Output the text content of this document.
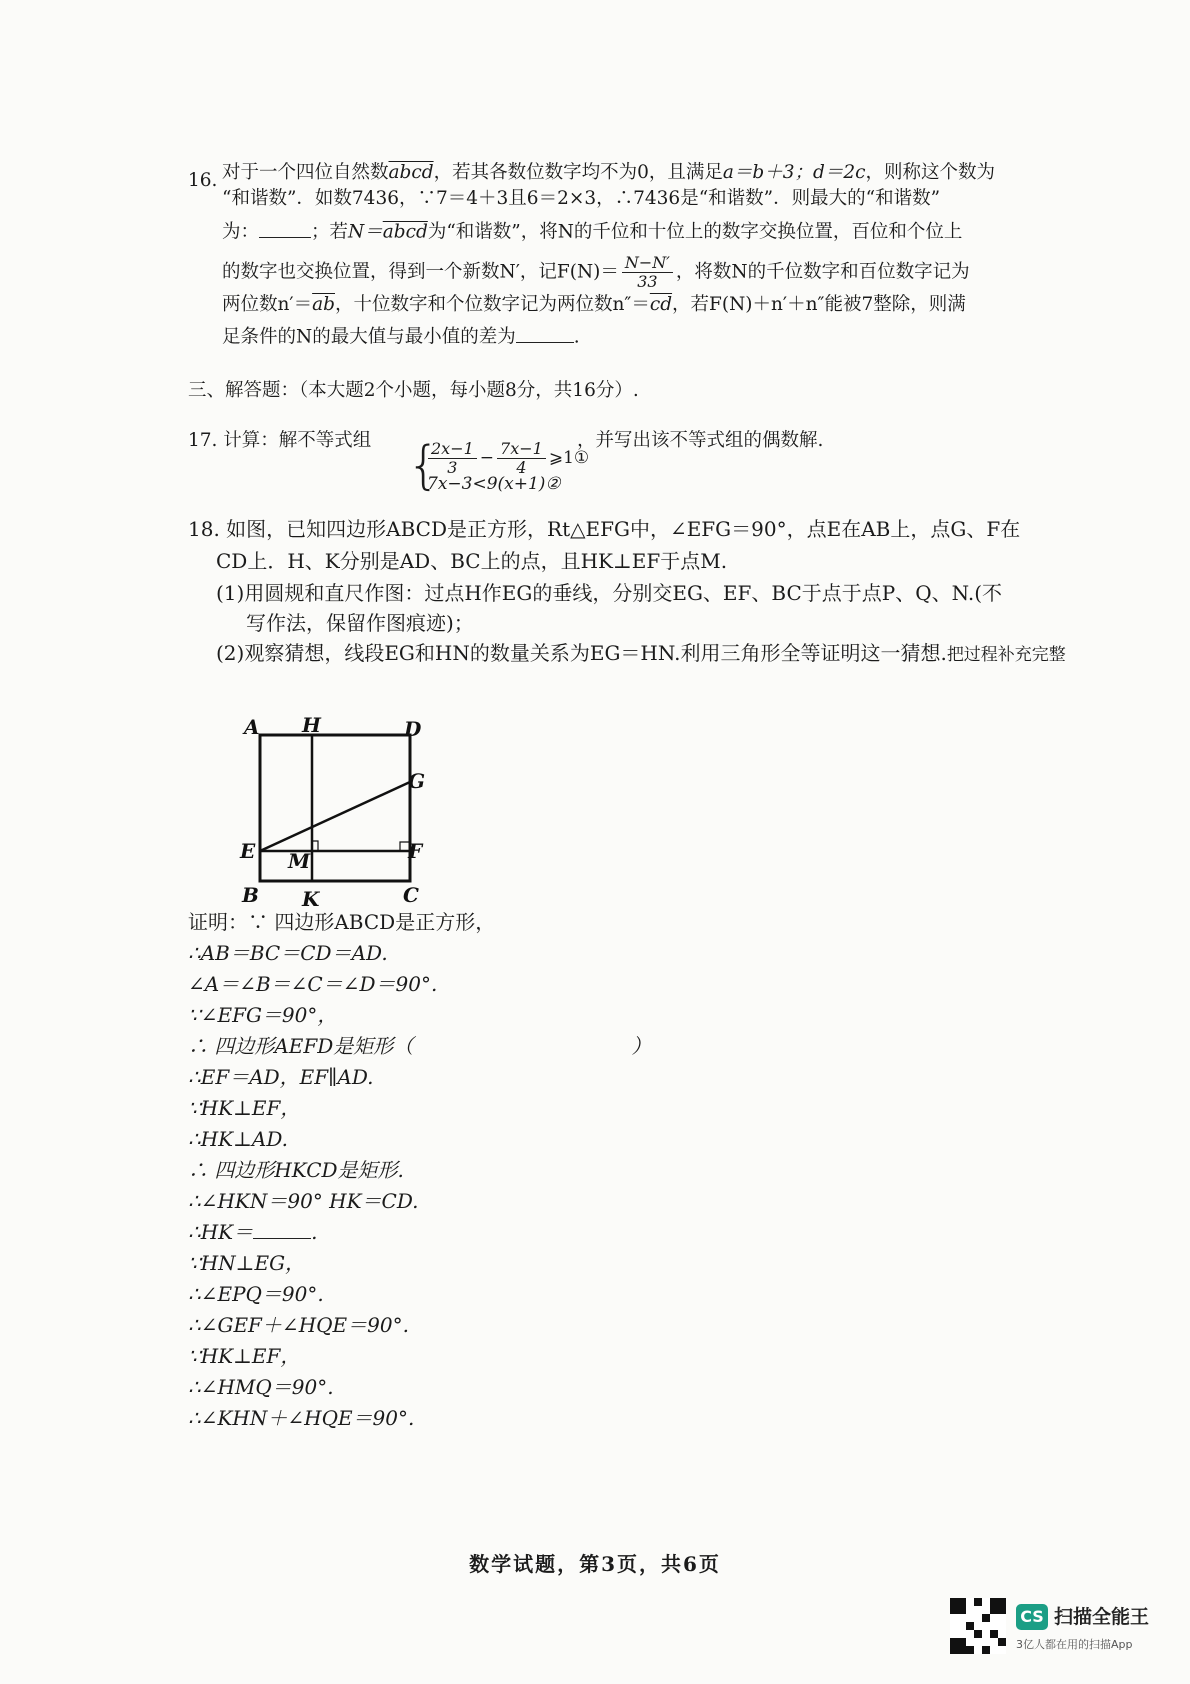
16. 对于一个四位自然数abcd，若其各数位数字均不为0，且满足a＝b＋3；d＝2c，则称这个数为
“和谐数”．如数7436，∵7＝4＋3且6＝2×3，∴7436是“和谐数”．则最大的“和谐数”
为：	；若N＝abcd为“和谐数”，将N的千位和十位上的数字交换位置，百位和个位上
的数字也交换位置，得到一个新数N′，记$F(N)= \frac{N-N'}{33}$ ，将数N的千位数字和百位数字记为
两位数$n'=\overline{ab}$，十位数字和个位数字记为两位数$n''=\overline{cd}$，若F(N)＋n′＋n″能被7整除，则满
足条件的N的最大值与最小值的差为	.
三、解答题：（本大题2个小题，每小题8分，共16分）.
17. 计算：解不等式组 {
$\frac{2x-1}{3} - \frac{7x-1}{4}$ ⩾1①
7x−3<9(x+1)②
，并写出该不等式组的偶数解.
18. 如图，已知四边形ABCD是正方形，Rt△EFG中，∠EFG＝90°，点E在AB上，点G、F在
CD上．H、K分别是AD、BC上的点，且HK⊥EF于点M.
(1)用圆规和直尺作图：过点H作EG的垂线，分别交EG、EF、BC于点于点P、Q、N.(不
写作法，保留作图痕迹)；
(2)观察猜想，线段EG和HN的数量关系为EG＝HN.利用三角形全等证明这一猜想.把过程补充完整
A H	D
G
E M	F
B K	C
证明：∵ 四边形ABCD是正方形，
∴AB＝BC＝CD＝AD.
∠A＝∠B＝∠C＝∠D＝90°.
∵∠EFG＝90°，
∴ 四边形AEFD是矩形（	）
∴EF＝AD，EF∥AD.
∵HK⊥EF，
∴HK⊥AD.
∴ 四边形HKCD是矩形.
∴∠HKN＝90° HK＝CD.
∴HK＝	.
∵HN⊥EG，
∴∠EPQ＝90°.
∴∠GEF＋∠HQE＝90°.
∵HK⊥EF，
∴∠HMQ＝90°.
∴∠KHN＋∠HQE＝90°.
数学试题，第3页，共6页
CS 扫描全能王
3亿人都在用的扫描App
